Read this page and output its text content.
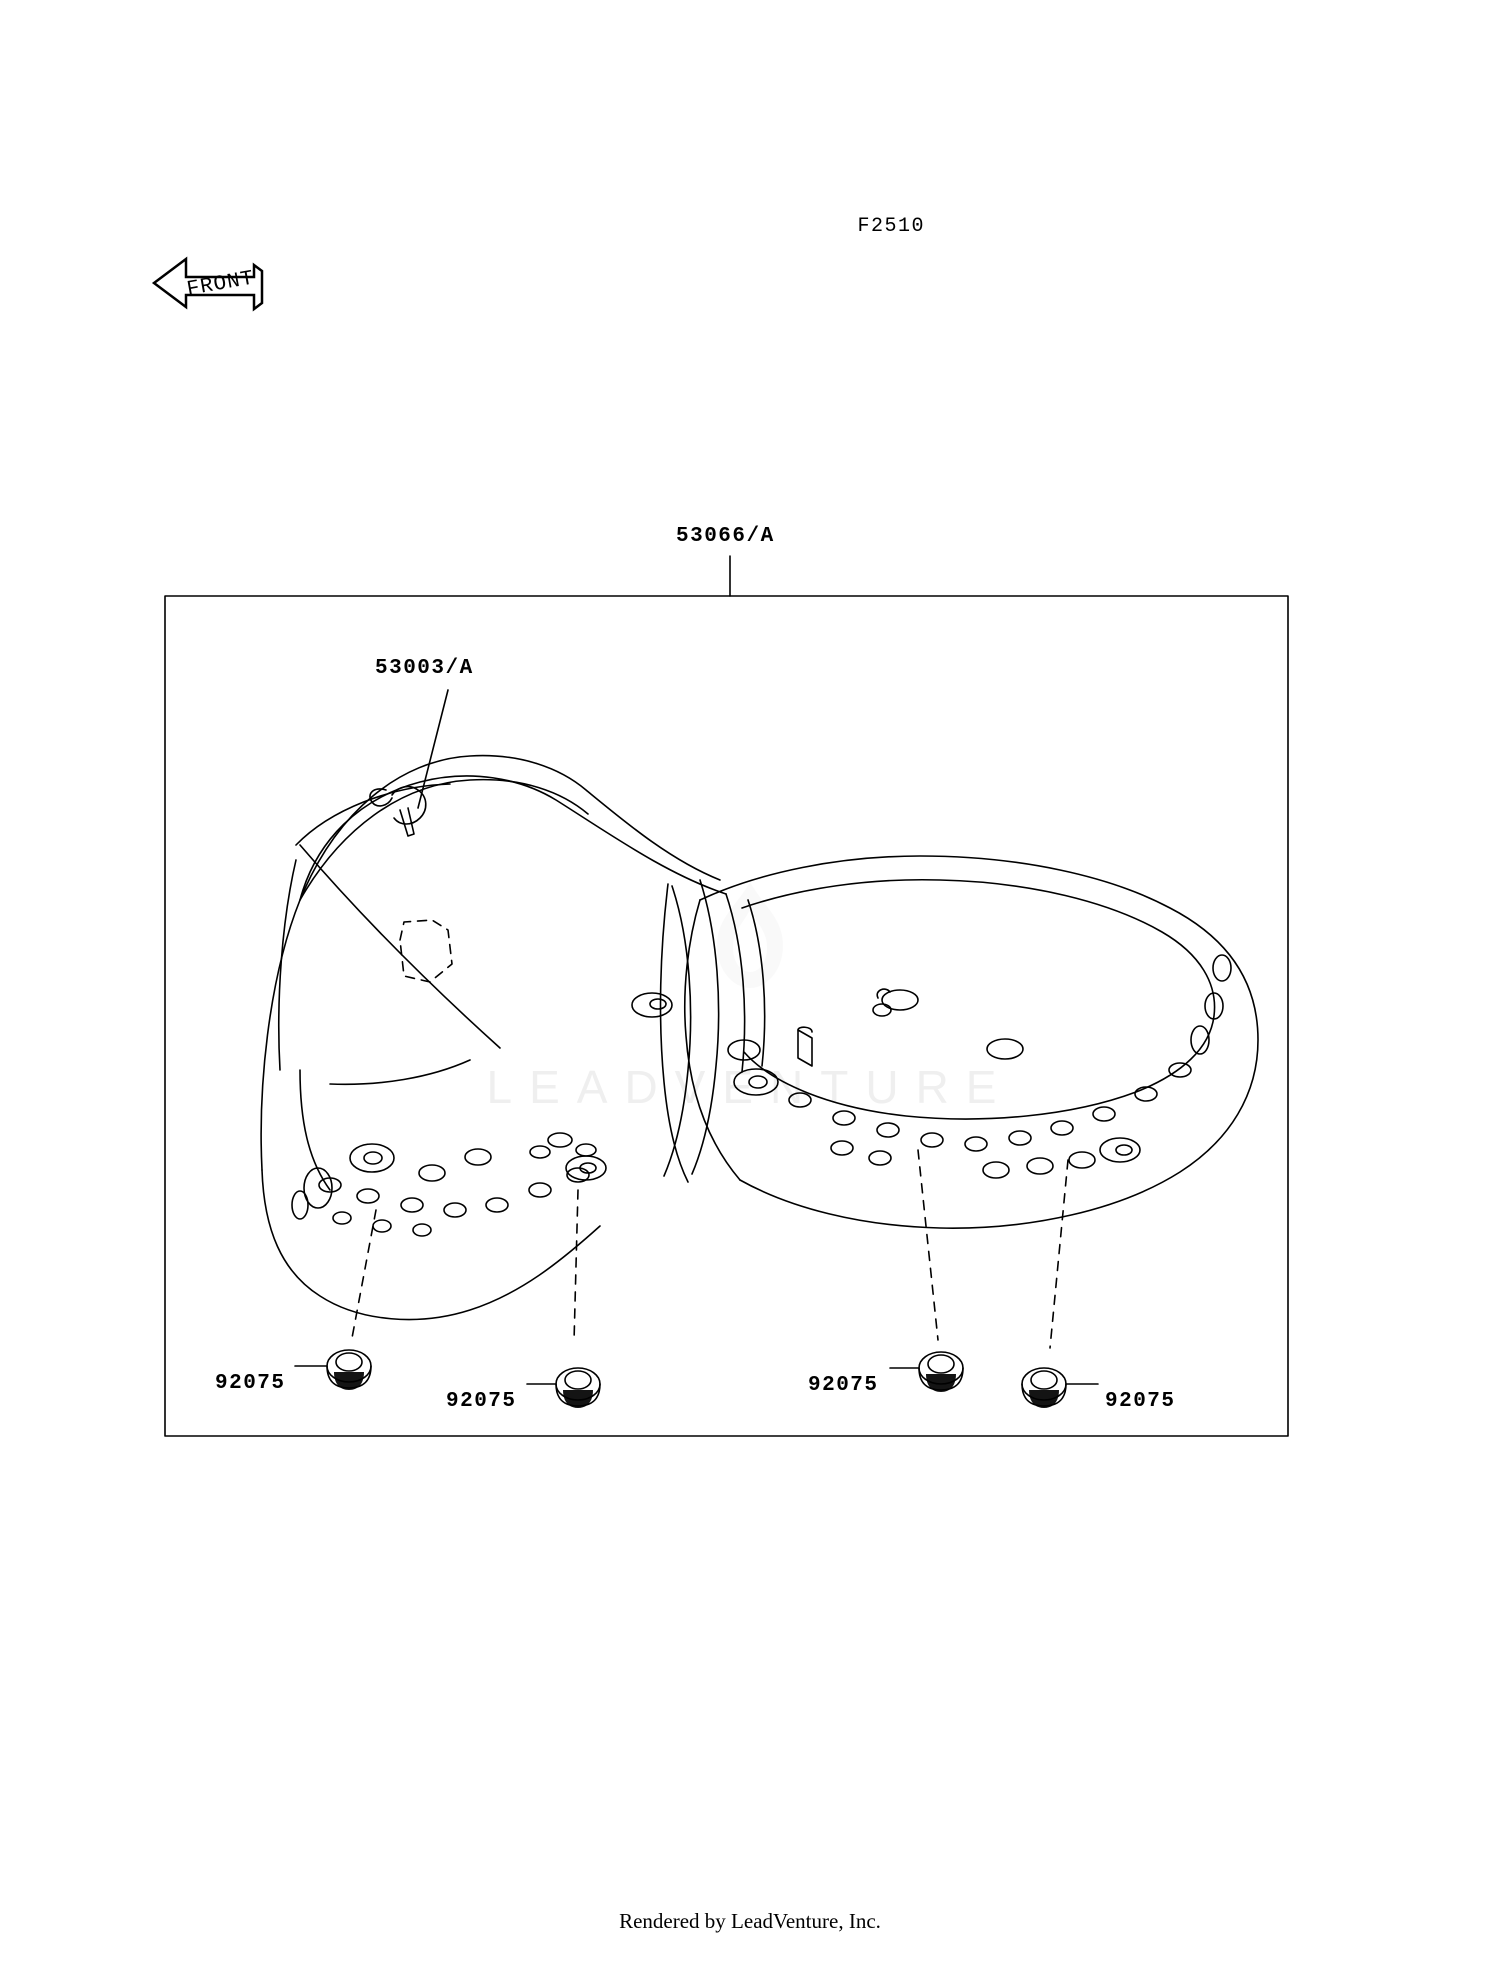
F2510
FRONT
LEADVENTURE
53066/A
53003/A
92075
92075
92075
92075
Rendered by LeadVenture, Inc.
